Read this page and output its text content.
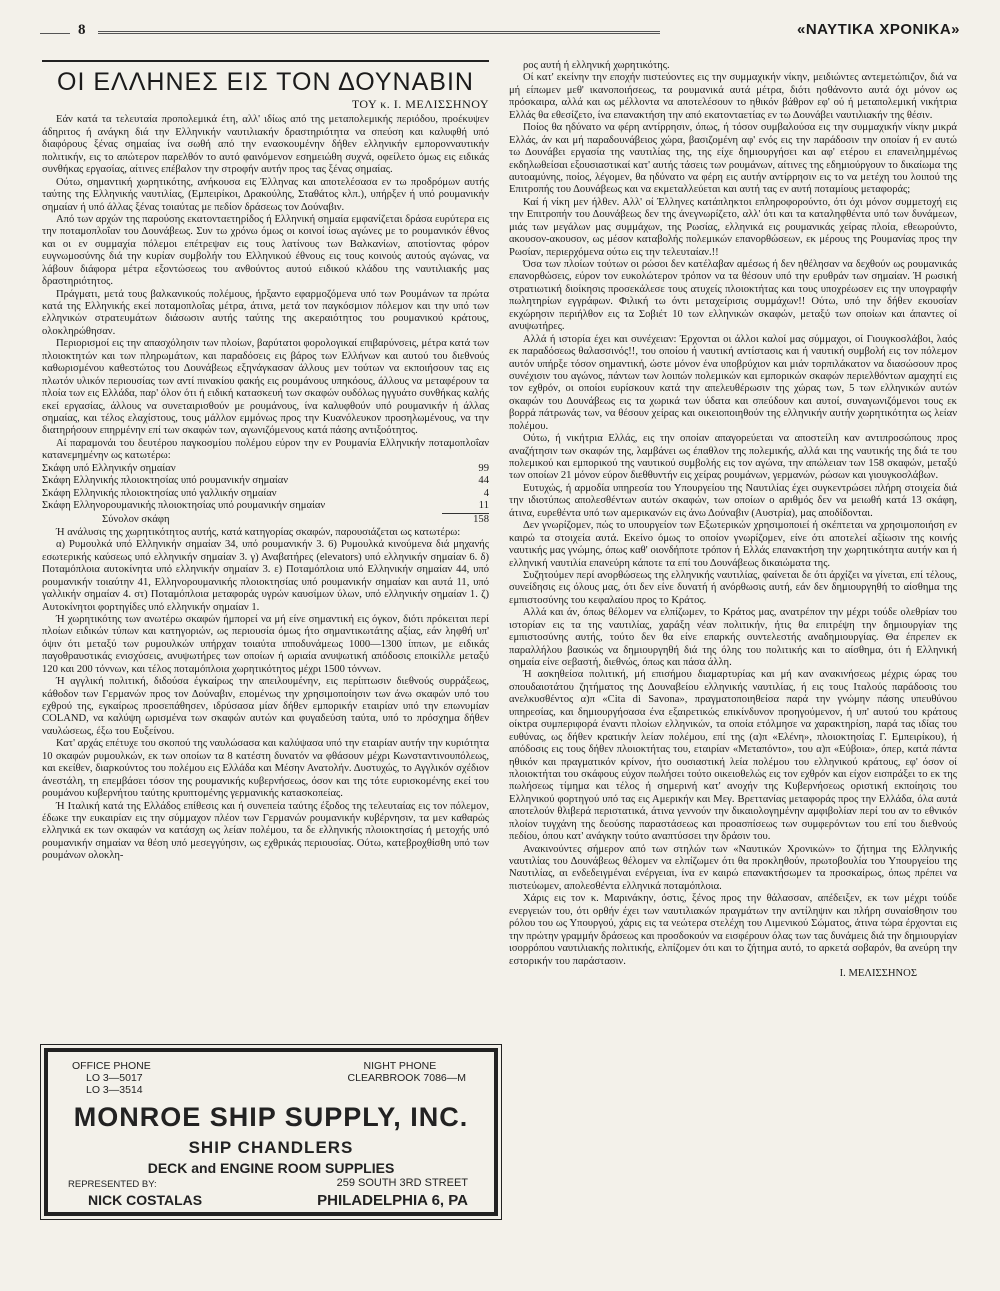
8	«ΝΑΥΤΙΚΑ ΧΡΟΝΙΚΑ»
ΟΙ ΕΛΛΗΝΕΣ ΕΙΣ ΤΟΝ ΔΟΥΝΑΒΙΝ
ΤΟΥ κ. Ι. ΜΕΛΙΣΣΗΝΟΥ

Εάν κατά τα τελευταία προπολεμικά έτη, αλλ' ιδίως από της μεταπολεμικής περιόδου, προέκυψεν άδηριτος ή ανάγκη διά την Ελληνικήν ναυτιλιακήν δραστηριότητα να σπεύση και καλυφθή υπό διαφόρους ξένας σημαίας ίνα σωθή από την ενασκουμένην δήθεν ελληνικήν εμπορονναυτικήν πολιτικήν, εις το απώτερον παρελθόν το αυτό φαινόμενον εσημειώθη συχνά, οφείλετο όμως εις ειδικάς συνθήκας εργασίας, αίτινες επέβαλον την στροφήν αυτήν προς τας ξένας σημαίας.

Ούτω, σημαντική χωρητικότης, ανήκουσα εις Έλληνας και αποτελέσασα εν τω προδρόμων αυτής ταύτης της Ελληνικής ναυτιλίας, (Εμπειρίκοι, Δρακούλης, Σταθάτος κλπ.), υπήρξεν ή υπό ρουμανικήν σημαίαν ή υπό άλλας ξένας τοιαύτας με πεδίον δράσεως τον Δούναβιν.

Από των αρχών της παρούσης εκατονταετηρίδος ή Ελληνική σημαία εμφανίζεται δράσα ευρύτερα εις την ποταμοπλοΐαν του Δουνάβεως. Συν τω χρόνω όμως οι κοινοί ίσως αγώνες με το ρουμανικόν έθνος και οι εν συμμαχία πόλεμοι επέτρεψαν εις τους λατίνους των Βαλκανίων, αποτίοντας φόρον ευγνωμοσύνης διά την κυρίαν συμβολήν του Ελληνικού έθνους εις τους κοινούς αυτούς αγώνας, να λάβουν διάφορα μέτρα εξοντώσεως του ανθούντος αυτού ειδικού κλάδου της ναυτιλιακής μας δραστηριότητος.

Πράγματι, μετά τους βαλκανικούς πολέμους, ήρξαντο εφαρμοζόμενα υπό των Ρουμάνων τα πρώτα κατά της Ελληνικής εκεί ποταμοπλοΐας μέτρα, άτινα, μετά τον παγκόσμιον πόλεμον και την υπό των ελληνικών στρατευμάτων διάσωσιν αυτής ταύτης της ακεραιότητος του ρουμανικού κράτους, ολοκληρώθησαν.

Περιορισμοί εις την απασχόλησιν των πλοίων, βαρύτατοι φορολογικαί επιβαρύνσεις, μέτρα κατά των πλοιοκτητών και των πληρωμάτων, και παραδόσεις εις βάρος των Ελλήνων και αυτού του διεθνούς καθωρισμένου καθεστώτος του Δουνάβεως εξηνάγκασαν άλλους μεν τούτων να εκποιήσουν τας εις πλωτόν υλικόν περιουσίας των αντί πινακίου φακής εις ρουμάνους υπηκόους, άλλους να μεταφέρουν τα πλοία των εις Ελλάδα, παρ' όλον ότι ή ειδική κατασκευή των σκαφών ουδόλως ηγγυάτο συνθήκας καλής εκεί εργασίας, άλλους να συνεταιρισθούν με ρουμάνους, ίνα καλυφθούν υπό ρουμανικήν ή άλλας σημαίας, και τέλος ελαχίστους, τους μάλλον εμμόνως προς την Κυανόλευκον προσηλωμένους, να την διατηρήσουν επηρμένην επί των σκαφών των, αγωνιζόμενους κατά πάσης αντιξοότητος.

Αί παραμονάι του δευτέρου παγκοσμίου πολέμου εύρον την εν Ρουμανία Ελληνικήν ποταμοπλοΐαν κατανεμημένην ως κατωτέρω:

Σκάφη υπό Ελληνικήν σημαίαν	99
Σκάφη Ελληνικής πλοιοκτησίας υπό ρουμανικήν σημαίαν	44
Σκάφη Ελληνικής πλοιοκτησίας υπό γαλλικήν σημαίαν	4
Σκάφη Ελληνορουμανικής πλοιοκτησίας υπό ρουμανικήν σημαίαν	11
Σύνολον σκάφη	158

Ή ανάλυσις της χωρητικότητος αυτής, κατά κατηγορίας σκαφών, παρουσιάζεται ως κατωτέρω:

α) Ρυμουλκά υπό Ελληνικήν σημαίαν 34, υπό ρουμανικήν 3. 6) Ρυμουλκά κινούμενα διά μηχανής εσωτερικής καύσεως υπό ελληνικήν σημαίαν 3. γ) Αναβατήρες (elevators) υπό ελληνικήν σημαίαν 6. δ) Ποταμόπλοια αυτοκίνητα υπό ελληνικήν σημαίαν 3. ε) Ποταμόπλοια υπό Ελληνικήν σημαίαν 44, υπό ρουμανικήν τοιαύτην 41, Ελληνορουμανικής πλοιοκτησίας υπό ρουμανικήν σημαίαν και αυτά 11, υπό γαλλικήν σημαίαν 4. στ) Ποταμόπλοια μεταφοράς υγρών καυσίμων ύλων, υπό ελληνικήν σημαίαν 1. ζ) Αυτοκίνητοι φορτηγίδες υπό ελληνικήν σημαίαν 1.

Ή χωρητικότης των ανωτέρω σκαφών ήμπορεί να μή είνε σημαντική εις όγκον, διότι πρόκειται περί πλοίων ειδικών τύπων και κατηγοριών, ως περιουσία όμως ήτο σημαντικωτάτης αξίας, εάν ληφθή υπ' όψιν ότι μεταξύ των ρυμουλκών υπήρχαν τοιαύτα ιπποδυνάμεως 1000—1300 ίππων, με ειδικάς παγοθραυστικάς ενισχύσεις, ανυψωτήρες των οποίων ή ωριαία ανυψωτική απόδοσις εποικίλλε μεταξύ 120 και 200 τόννων, και τέλος ποταμόπλοια χωρητικότητος μέχρι 1500 τόννων.

Ή αγγλική πολιτική, διδούσα έγκαίρως την απειλουμένην, εις περίπτωσιν διεθνούς συρράξεως, κάθοδον των Γερμανών προς τον Δούναβιν, επομένως την χρησιμοποίησιν των άνω σκαφών υπό του εχθρού της, εγκαίρως προσεπάθησεν, ιδρύσασα μίαν δήθεν εμπορικήν εταιρίαν υπό την επωνυμίαν COLAND, να καλύψη ωρισμένα των σκαφών αυτών και φυγαδεύση ταύτα, υπό το πρόσχημα δήθεν ναυλώσεως, έξω του Ευξείνου.

Κατ' αρχάς επέτυχε του σκοπού της ναυλώσασα και καλύψασα υπό την εταιρίαν αυτήν την κυριότητα 10 σκαφών ρυμουλκών, εκ των οποίων τα 8 κατέστη δυνατόν να φθάσουν μέχρι Κωνσταντινουπόλεως, και εκείθεν, διαρκούντος του πολέμου εις Ελλάδα και Μέσην Ανατολήν. Δυστυχώς, το Αγγλικόν σχέδιον άνεστάλη, τη επεμβάσει τόσον της ρουμανικής κυβερνήσεως, όσον και της τότε ευρισκομένης εκεί του ρουμάνου κυβερνήτου ταύτης κρυπτομένης γερμανικής κατασκοπείας.

Ή Ιταλική κατά της Ελλάδος επίθεσις και ή συνεπεία ταύτης έξοδος της τελευταίας εις τον πόλεμον, έδωκε την ευκαιρίαν εις την σύμμαχον πλέον των Γερμανών ρουμανικήν κυβέρνησιν, τα μεν καθαρώς ελληνικά εκ των σκαφών να κατάσχη ως λείαν πολέμου, τα δε ελληνικής πλοιοκτησίας ή μετοχής υπό ρουμανικήν σημαίαν να θέση υπό μεσεγγύησιν, ως εχθρικάς περιουσίας. Ούτω, κατεβροχθίσθη υπό των ρουμάνων ολοκλη-

ρος αυτή ή ελληνική χωρητικότης.

Οί κατ' εκείνην την εποχήν πιστεύοντες εις την συμμαχικήν νίκην, μειδιώντες αντεμετώπιζον, διά να μή είπωμεν μεθ' ικανοποιήσεως, τα ρουμανικά αυτά μέτρα, διότι ησθάνοντο αυτά όχι μόνον ως πρόσκαιρα, αλλά και ως μέλλοντα να αποτελέσουν το ηθικόν βάθρον εφ' ού ή μεταπολεμική νικήτρια Ελλάς θα εθεσίζετο, ίνα επανακτήση την από εκατονταετίας εν τω Δουνάβει ναυτιλιακήν της θέσιν.

Ποίος θα ηδύνατο να φέρη αντίρρησιν, όπως, ή τόσον συμβαλούσα εις την συμμαχικήν νίκην μικρά Ελλάς, άν και μή παραδουνάβειος χώρα, βασιζομένη αφ' ενός εις την παράδοσιν την οποίαν ή εν αυτώ τω Δουνάβει εργασία της ναυτιλίας της, της είχε δημιουργήσει και αφ' ετέρου ει επανειλημμένως εκδηλωθείσαι εξουσιαστικαί κατ' αυτής τάσεις των ρουμάνων, αίτινες της εδημιούργουν το δικαίωμα της αυτοαμύνης, ποίος, λέγομεν, θα ηδύνατο να φέρη εις αυτήν αντίρρησιν εις το να μετέχη του λοιπού της Επιτροπής του Δουνάβεως και να εκμεταλλεύεται και αυτή τας εν αυτή ποταμίους μεταφοράς;

Καί ή νίκη μεν ήλθεν. Αλλ' οί Έλληνες κατάπληκτοι επληροφορούντο, ότι όχι μόνον συμμετοχή εις την Επιτροπήν του Δουνάβεως δεν της άνεγνωρίζετο, αλλ' ότι και τα καταληφθέντα υπό των δυνάμεων, μιάς των μεγάλων μας συμμάχων, της Ρωσίας, ελληνικά εις ρουμανικάς χείρας πλοία, εθεωρούντο, ακουσον-ακουσον, ως μέσον καταβολής πολεμικών επανορθώσεων, εκ μέρους της Ρουμανίας προς την Ρωσίαν, περιερχόμενα ούτω εις την τελευταίαν.!!

Όσα των πλοίων τούτων οι ρώσοι δεν κατέλαβαν αμέσως ή δεν ηθέλησαν να δεχθούν ως ρουμανικάς επανορθώσεις, εύρον τον ευκολώτερον τρόπον να τα θέσουν υπό την ερυθράν των σημαίαν. Ή ρωσική στρατιωτική διοίκησις προσεκάλεσε τους ατυχείς πλοιοκτήτας και τους υποχρέωσεν εις την υπογραφήν πωλητηρίων εγγράφων. Φιλική τω όντι μεταχείρισις συμμάχων!! Ούτω, υπό την δήθεν εκουσίαν εκχώρησιν περιήλθον εις τα Σοβιέτ 10 των ελληνικών σκαφών, μεταξύ των οποίων και άπαντες οί ανυψωτήρες.

Αλλά ή ιστορία έχει και συνέχειαν: Έρχονται οι άλλοι καλοί μας σύμμαχοι, οί Γιουγκοσλάβοι, λαός εκ παραδόσεως θαλασσινός!!, του οποίου ή ναυτική αντίστασις και ή ναυτική συμβολή εις τον πόλεμον αυτόν υπήρξε τόσον σημαντική, ώστε μόνον ένα υποβρύχιον και μιάν τορπιλάκατον να διασώσουν προς συνέχισιν του αγώνος, πάντων των λοιπών πολεμικών και εμπορικών σκαφών περιελθόντων αμαχητί εις τον εχθρόν, οι οποίοι ευρίσκουν κατά την απελευθέρωσιν της χώρας των, 5 των ελληνικών αυτών σκαφών του Δουνάβεως εις τα χωρικά των ύδατα και σπεύδουν και αυτοί, συναγωνιζόμενοι τους εκ βορρά πάτρωνάς των, να θέσουν χείρας και οικειοποιηθούν της ελληνικήν αυτήν χωρητικότητα ως λείαν πολέμου.

Ούτω, ή νικήτρια Ελλάς, εις την οποίαν απαγορεύεται να αποστείλη καν αντιπροσώπους προς αναζήτησιν των σκαφών της, λαμβάνει ως έπαθλον της πολεμικής, αλλά και της ναυτικής της διά τε του πολεμικού και εμπορικού της ναυτικού συμβολής εις τον αγώνα, την απώλειαν των 158 σκαφών, μεταξύ των οποίων 21 μόνον εύρον διεθθυντήν εις χείρας ρουμάνων, γερμανών, ρώσων και γιουγκοσλάβων.

Ευτυχώς, ή αρμοδία υπηρεσία του Υπουργείου της Ναυτιλίας έχει συγκεντρώσει πλήρη στοιχεία διά την ιδιοτύπως απολεσθέντων αυτών σκαφών, των οποίων ο αριθμός δεν να μειωθή κατά 13 σκάφη, άτινα, ευρεθέντα υπό των αμερικανών εις άνω Δούναβιν (Αυστρία), μας αποδίδονται.

Δεν γνωρίζομεν, πώς το υπουργείον των Εξωτερικών χρησιμοποιεί ή σκέπτεται να χρησιμοποιήση εν καιρώ τα στοιχεία αυτά. Εκείνο όμως το οποίον γνωρίζομεν, είνε ότι αποτελεί αξίωσιν της κοινής ναυτικής μας γνώμης, όπως καθ' οιονδήποτε τρόπον ή Ελλάς επανακτήση την χωρητικότητα αυτήν και ή ελληνική ναυτιλία επανεύρη κάποτε τα επί του Δουνάβεως δικαιώματα της.

Συζητούμεν περί ανορθώσεως της ελληνικής ναυτιλίας, φαίνεται δε ότι άρχίζει να γίνεται, επί τέλους, συνείδησις εις όλους μας, ότι δεν είνε δυνατή ή ανόρθωσις αυτή, εάν δεν δημιουργηθή το αίσθημα της εμπιστοσύνης του κεφαλαίου προς το Κράτος.

Αλλά και άν, όπως θέλομεν να ελπίζωμεν, το Κράτος μας, ανατρέπον την μέχρι τούδε ολεθρίαν του ιστορίαν εις τα της ναυτιλίας, χαράξη νέαν πολιτικήν, ήτις θα επιτρέψη την δημιουργίαν της εμπιστοσύνης αυτής, τούτο δεν θα είνε επαρκής συντελεστής αναδημιουργίας. Θα έπρεπεν εκ παραλλήλου βασικώς να δημιουργηθή διά της όλης του πολιτικής και το αίσθημα, ότι ή Ελληνική σημαία είνε σεβαστή, διεθνώς, όπως και πάσα άλλη.

Ή ασκηθείσα πολιτική, μή επισήμου διαμαρτυρίας και μή καν ανακινήσεως μέχρις ώρας του σπουδαιοτάτου ζητήματος της Δουναβείου ελληνικής ναυτιλίας, ή εις τους Ιταλούς παράδοσις του ανελκυσθέντος α)π «Cita di Savona», πραγματοποιηθείσα παρά την γνώμην πάσης υπευθύνου υπηρεσίας, και δημιουργήσασα ένα εξαιρετικώς επικίνδυνον προηγούμενον, ή υπ' αυτού του κράτους οίκτρα συμπεριφορά έναντι πλοίων ελληνικών, τα οποία ετόλμησε να χαρακτηρίση, παρά τας ιδίας του ευθύνας, ως δήθεν κρατικήν λείαν πολέμου, επί της (α)π «Ελένη», πλοιοκτησίας Γ. Εμπειρίκου), ή απόδοσις εις τους δήθεν πλοιοκτήτας του, εταιρίαν «Μεταπόντο», του α)π «Εύβοια», όπερ, κατά πάντα ηθικόν και πραγματικόν κρίνον, ήτο ουσιαστική λεία πολέμου του ελληνικού κράτους, εφ' όσον οί πλοιοκτήται του σκάφους εύχον πωλήσει τούτο οικειοθελώς εις τον εχθρόν και είχον εισπράξει το εκ της πωλήσεως τίμημα και τέλος ή σημερινή κατ' ανοχήν της Κυβερνήσεως οριστική εκποίησις του Ελληνικού φορτηγού υπό τας εις Αμερικήν και Μεγ. Βρεττανίας μεταφοράς προς την Ελλάδα, όλα αυτά αποτελούν θλιβερά περιστατικά, άτινα γεννούν την δικαιολογημένην αμφιβολίαν περί του αν το εθνικόν πλοίον τυγχάνη της δεούσης παραστάσεως και προασπίσεως των συμφερόντων του επί του διεθνούς πεδίου, όπου κατ' ανάγκην τούτο αναπτύσσει την δράσιν του.

Ανακινούντες σήμερον από των στηλών των «Ναυτικών Χρονικών» το ζήτημα της Ελληνικής ναυτιλίας του Δουνάβεως θέλομεν να ελπίζωμεν ότι θα προκληθούν, πρωτοβουλία του Υπουργείου της Ναυτιλίας, αι ενδεδειγμέναι ενέργειαι, ίνα εν καιρώ επανακτήσωμεν τα προσκαίρως, όπως πρέπει να πιστεύωμεν, απολεσθέντα ελληνικά ποταμόπλοια.

Χάρις εις τον κ. Μαρινάκην, όστις, ξένος προς την θάλασσαν, απέδειξεν, εκ των μέχρι τούδε ενεργειών του, ότι ορθήν έχει των ναυτιλιακών πραγμάτων την αντίληψιν και πλήρη συναίσθησιν του ρόλου του ως Υπουργού, χάρις εις τα νεώτερα στελέχη του Λιμενικού Σώματος, άτινα τώρα έρχονται εις την πρώτην γραμμήν δράσεως και προσδοκούν να εισφέρουν όλας των τας δυνάμεις διά την δημιουργίαν ισορρόπου ναυτιλιακής πολιτικής, ελπίζομεν ότι και το ζήτημα αυτό, το αρκετά σοβαρόν, θα ανεύρη την εστορικήν του παράστασιν.

Ι. ΜΕΛΙΣΣΗΝΟΣ
OFFICE PHONE
LO 3—5017
LO 3—3514
NIGHT PHONE
CLEARBROOK 7086—M
MONROE SHIP SUPPLY, INC.
SHIP CHANDLERS
DECK and ENGINE ROOM SUPPLIES
REPRESENTED BY:
NICK COSTALAS
259 SOUTH 3RD STREET
PHILADELPHIA 6, PA
